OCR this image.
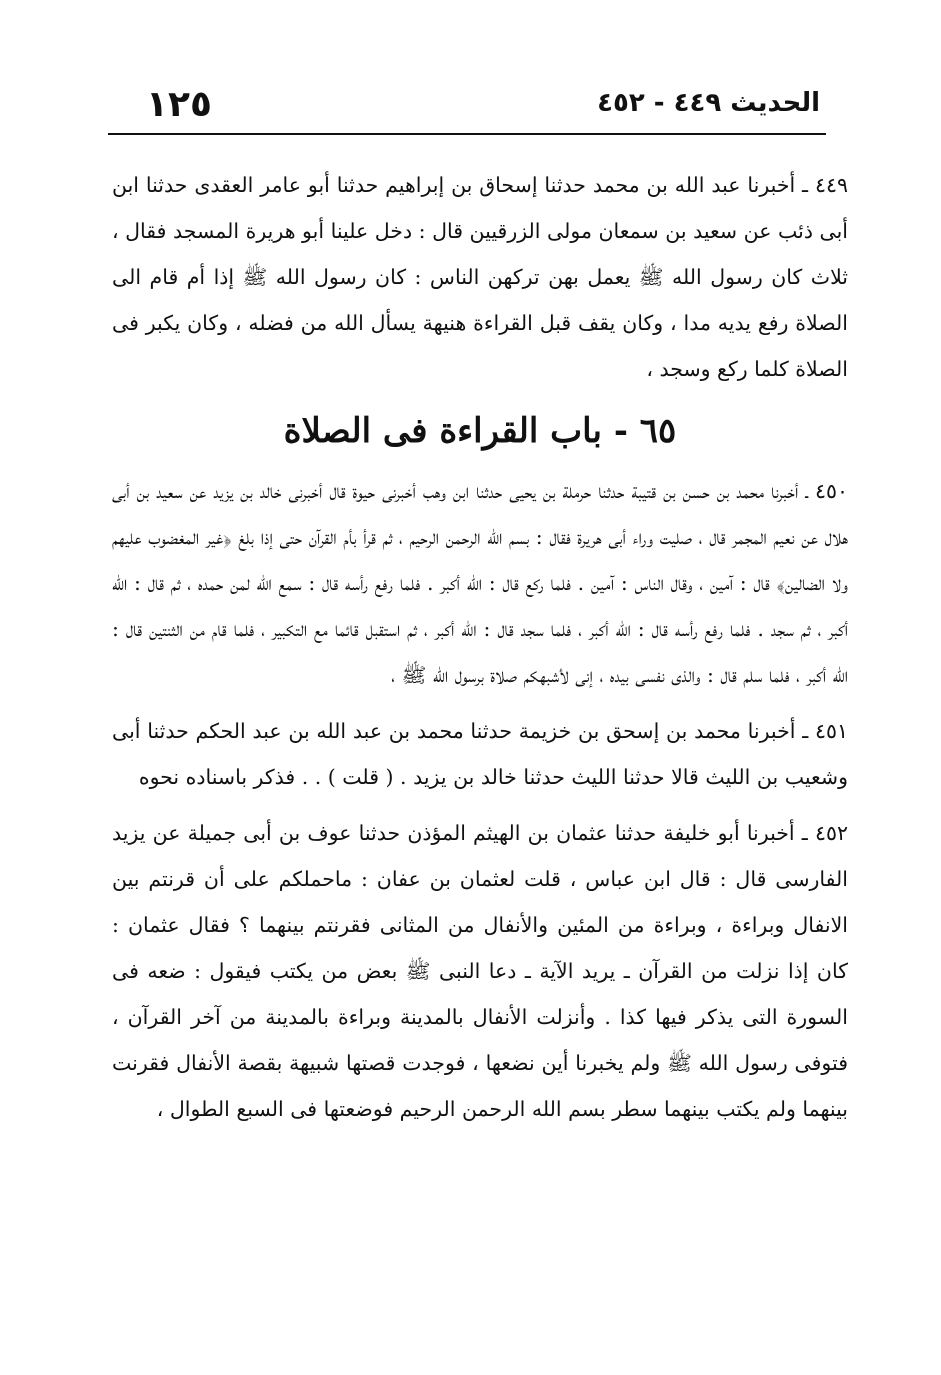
الحديث ٤٤٩ - ٤٥٢
١٢٥

٤٤٩ ـ أخبرنا عبد الله بن محمد حدثنا إسحاق بن إبراهيم حدثنا أبو عامر العقدى حدثنا ابن أبى ذئب عن سعيد بن سمعان مولى الزرقيين قال : دخل علينا أبو هريرة المسجد فقال ، ثلاث كان رسول الله ﷺ يعمل بهن تركهن الناس : كان رسول الله ﷺ إذا أم قام الى الصلاة رفع يديه مدا ، وكان يقف قبل القراءة هنيهة يسأل الله من فضله ، وكان يكبر فى الصلاة كلما ركع وسجد ،

٦٥ - باب القراءة فى الصلاة

٤٥٠ ـ أخبرنا محمد بن حسن بن قتيبة حدثنا حرملة بن يحيى حدثنا ابن وهب أخبرنى حيوة قال أخبرنى خالد بن يزيد عن سعيد بن أبى هلال عن نعيم المجمر قال ، صليت وراء أبى هريرة فقال : بسم الله الرحمن الرحيم ، ثم قرأ بأم القرآن حتى إذا بلغ ﴿غير المغضوب عليهم ولا الضالين﴾ قال : آمين ، وقال الناس : آمين . فلما ركع قال : الله أكبر . فلما رفع رأسه قال : سمع الله لمن حمده ، ثم قال : الله أكبر ، ثم سجد . فلما رفع رأسه قال : الله أكبر ، فلما سجد قال : الله أكبر ، ثم استقبل قائما مع التكبير ، فلما قام من الثنتين قال : الله أكبر ، فلما سلم قال : والذى نفسى بيده ، إنى لأشبهكم صلاة برسول الله ﷺ ،

٤٥١ ـ أخبرنا محمد بن إسحق بن خزيمة حدثنا محمد بن عبد الله بن عبد الحكم حدثنا أبى وشعيب بن الليث قالا حدثنا الليث حدثنا خالد بن يزيد . ( قلت ) . . فذكر باسناده نحوه

٤٥٢ ـ أخبرنا أبو خليفة حدثنا عثمان بن الهيثم المؤذن حدثنا عوف بن أبى جميلة عن يزيد الفارسى قال : قال ابن عباس ، قلت لعثمان بن عفان : ماحملكم على أن قرنتم بين الانفال وبراءة ، وبراءة من المئين والأنفال من المثانى فقرنتم بينهما ؟ فقال عثمان : كان إذا نزلت من القرآن ـ يريد الآية ـ دعا النبى ﷺ بعض من يكتب فيقول : ضعه فى السورة التى يذكر فيها كذا . وأنزلت الأنفال بالمدينة وبراءة بالمدينة من آخر القرآن ، فتوفى رسول الله ﷺ ولم يخبرنا أين نضعها ، فوجدت قصتها شبيهة بقصة الأنفال فقرنت بينهما ولم يكتب بينهما سطر بسم الله الرحمن الرحيم فوضعتها فى السبع الطوال ،
